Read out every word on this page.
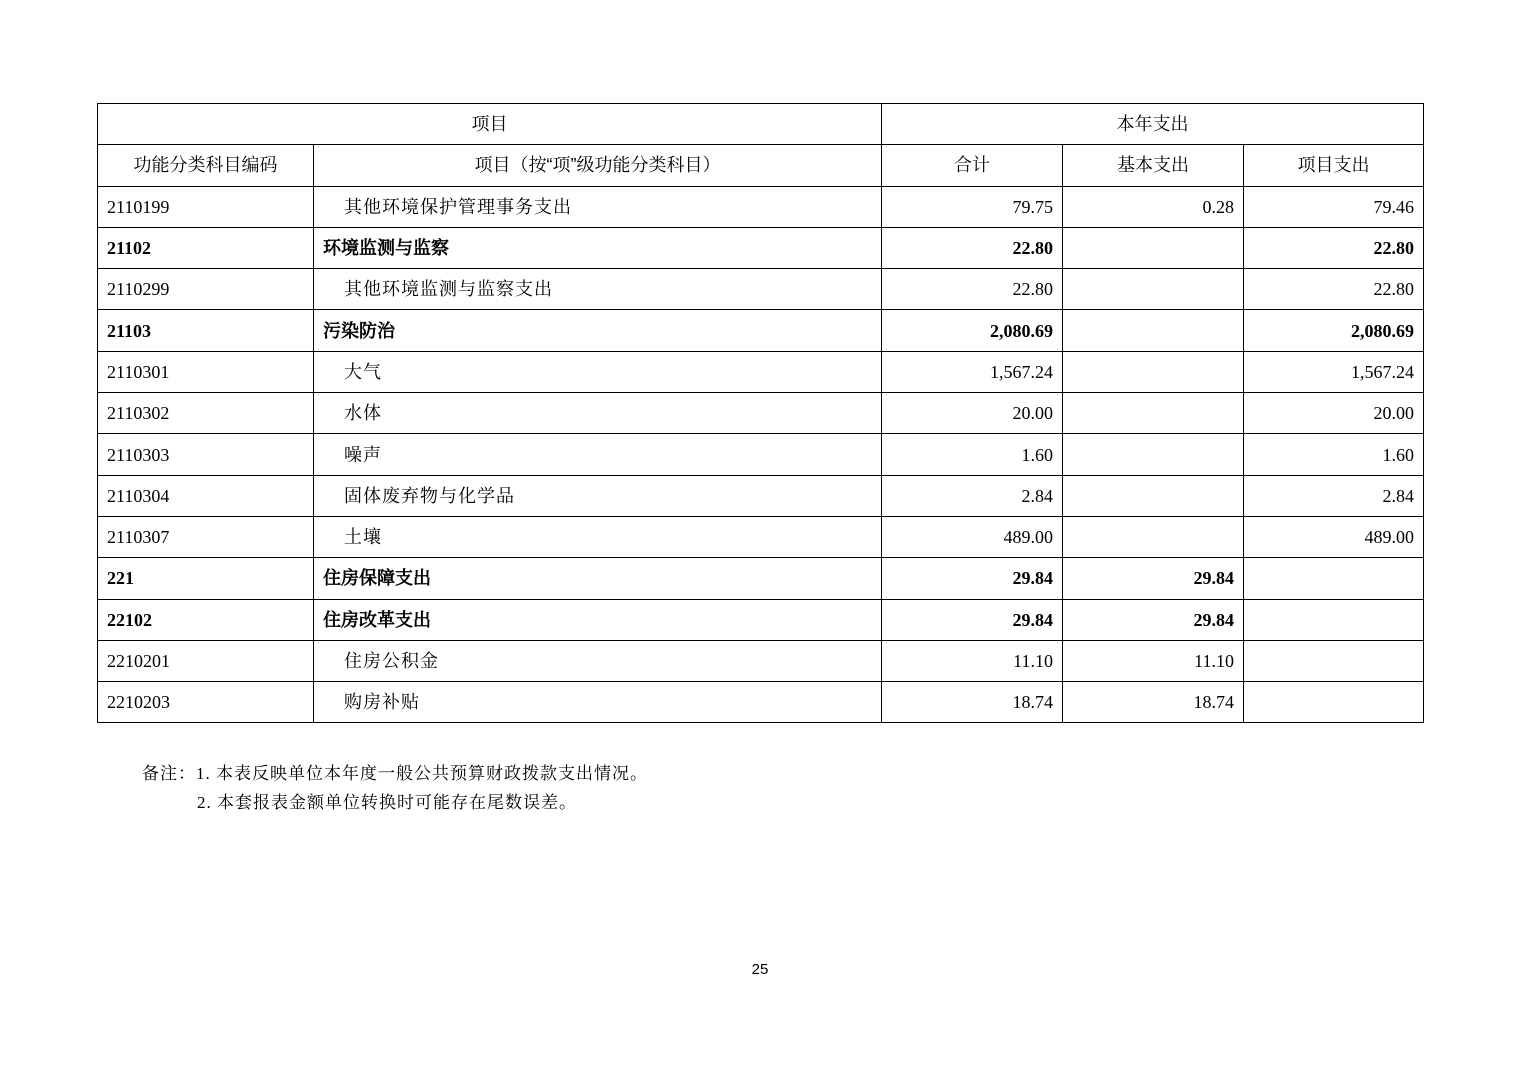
项目		本年支出		
功能分类科目编码	项目（按“项”级功能分类科目）	合计	基本支出	项目支出
2110199	其他环境保护管理事务支出	79.75	0.28	79.46
21102	环境监测与监察	22.80		22.80
2110299	其他环境监测与监察支出	22.80		22.80
21103	污染防治	2,080.69		2,080.69
2110301	大气	1,567.24		1,567.24
2110302	水体	20.00		20.00
2110303	噪声	1.60		1.60
2110304	固体废弃物与化学品	2.84		2.84
2110307	土壤	489.00		489.00
221	住房保障支出	29.84	29.84	
22102	住房改革支出	29.84	29.84	
2210201	住房公积金	11.10	11.10	
2210203	购房补贴	18.74	18.74	
备注：1. 本表反映单位本年度一般公共预算财政拨款支出情况。
2. 本套报表金额单位转换时可能存在尾数误差。
25
